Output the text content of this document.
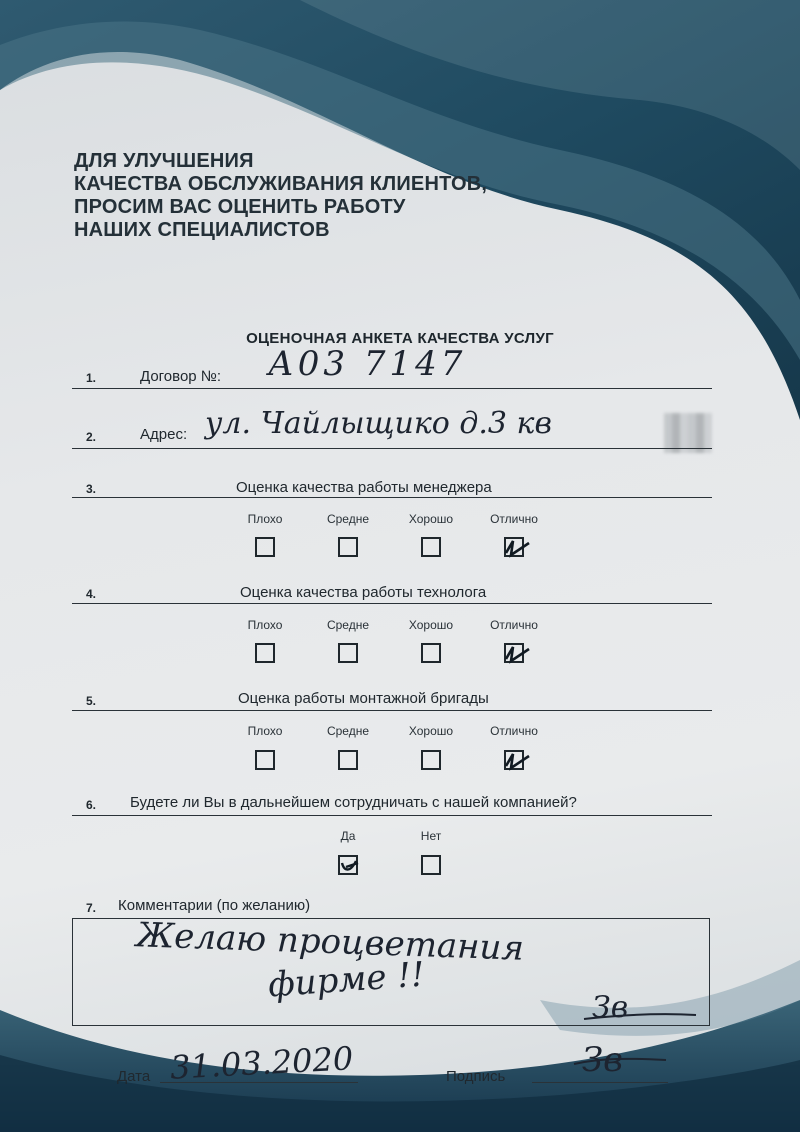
ДЛЯ УЛУЧШЕНИЯ
КАЧЕСТВА ОБСЛУЖИВАНИЯ КЛИЕНТОВ,
ПРОСИМ ВАС ОЦЕНИТЬ РАБОТУ
НАШИХ СПЕЦИАЛИСТОВ
ОЦЕНОЧНАЯ АНКЕТА КАЧЕСТВА УСЛУГ
1.	Договор №: А03 7147
2.	Адрес: ул. Чайлыщико д.3 кв
3.	Оценка качества работы менеджера
Плохо	Средне	Хорошо	Отлично
4.	Оценка качества работы технолога
Плохо	Средне	Хорошо	Отлично
5.	Оценка работы монтажной бригады
Плохо	Средне	Хорошо	Отлично
6. Будете ли Вы в дальнейшем сотрудничать с нашей компанией?
Да	Нет
7. Комментарии (по желанию)
Желаю процветания
фирме !!
Зв
Дата 31.03.2020	Подпись Зв
